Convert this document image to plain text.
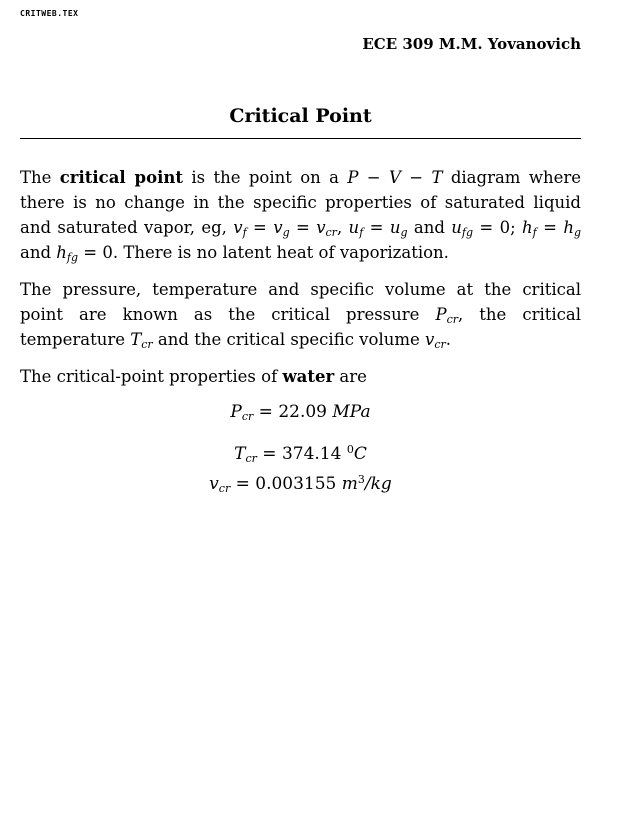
CRITWEB.TEX
ECE 309 M.M. Yovanovich
Critical Point

The critical point is the point on a P − V − T diagram where there is no change in the specific properties of saturated liquid and saturated vapor, eg, $v_f = v_g = v_{cr}$, $u_f = u_g$ and $u_{fg} = 0$; $h_f = h_g$ and $h_{fg} = 0$. There is no latent heat of vaporization.

The pressure, temperature and specific volume at the critical point are known as the critical pressure $P_{cr}$, the critical temperature $T_{cr}$ and the critical specific volume $v_{cr}$.

The critical-point properties of water are

$P_{cr} = 22.09$ MPa
$T_{cr} = 374.14$ $^0$C
$v_{cr} = 0.003155$ $m^3/kg$
